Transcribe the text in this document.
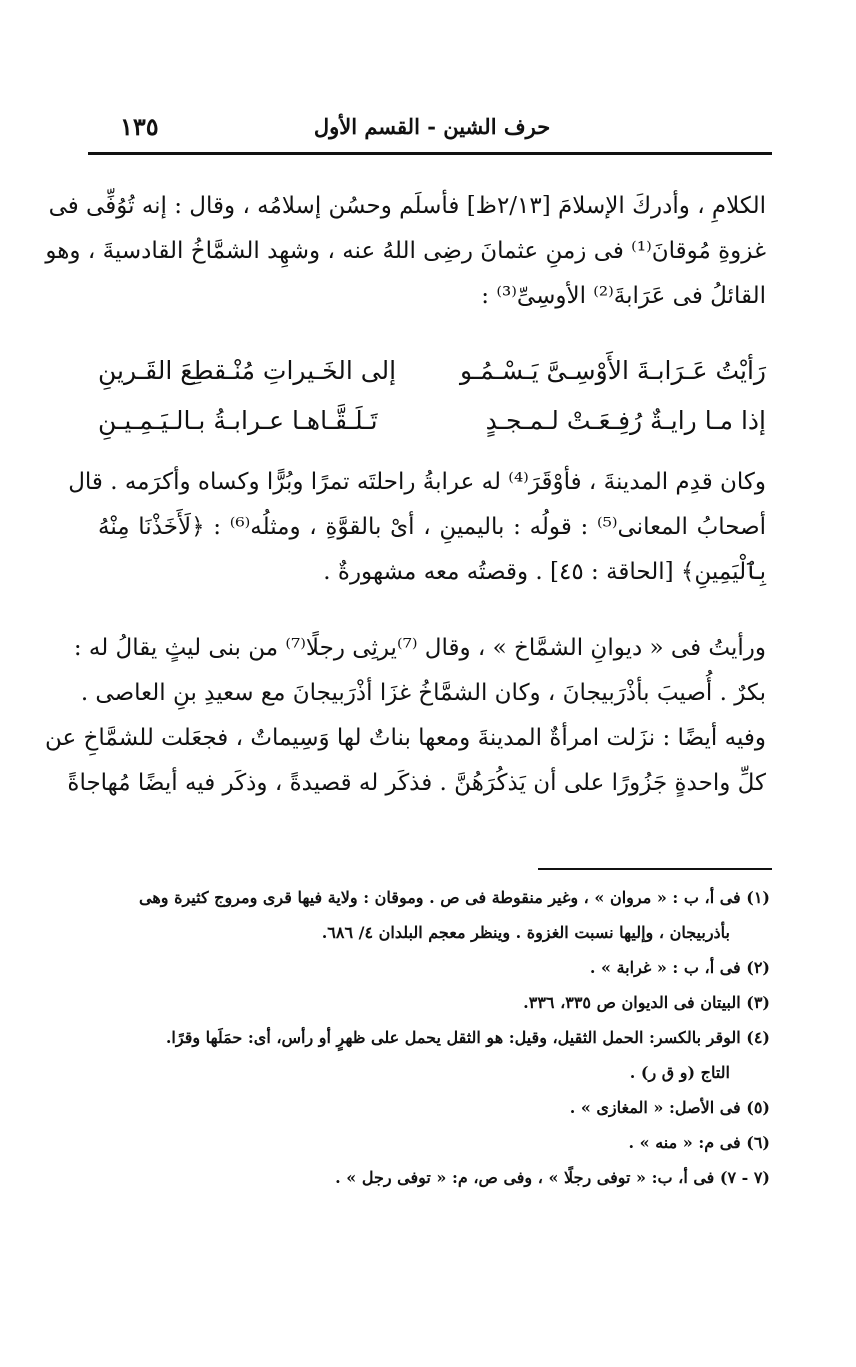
١٣٥	حرف الشين - القسم الأول
الكلامِ ، وأدركَ الإسلامَ [٢/١٣ظ] فأسلَم وحسُن إسلامُه ، وقال : إنه تُوُفِّى فى
غزوةِ مُوقانَ⁽¹⁾ فى زمنِ عثمانَ رضِى اللهُ عنه ، وشهِد الشمَّاخُ القادسيةَ ، وهو
القائلُ فى عَرَابةَ⁽²⁾ الأوسِىِّ⁽³⁾ :
رَأيْتُ عَـرَابـةَ الأَوْسِـىَّ يَـسْـمُـو
إلى الخَـيراتِ مُنْـقطِعَ القَـرينِ
إذا مـا رايـةٌ رُفِـعَـتْ لـمـجـدٍ
تَـلَـقَّـاهـا عـرابـةُ بـالـيَـمِـيـنِ
وكان قدِم المدينةَ ، فأوْقَرَ⁽⁴⁾ له عرابةُ راحلتَه تمرًا وبُرًّا وكساه وأكرَمه . قال
أصحابُ المعانى⁽⁵⁾ : قولُه : باليمينِ ، أىْ بالقوَّةِ ، ومثلُه⁽⁶⁾ : ﴿لَأَخَذْنَا مِنْهُ
بِٱلْيَمِينِ﴾ [الحاقة : ٤٥] . وقصتُه معه مشهورةٌ .
ورأيتُ فى « ديوانِ الشمَّاخ » ، وقال ⁽⁷⁾يرثِى رجلًا⁽⁷⁾ من بنى ليثٍ يقالُ له :
بكرٌ . أُصيبَ بأذْرَبيجانَ ، وكان الشمَّاخُ غزَا أذْرَبيجانَ مع سعيدِ بنِ العاصى .
وفيه أيضًا : نزَلت امرأةٌ المدينةَ ومعها بناتٌ لها وَسِيماتٌ ، فجعَلت للشمَّاخِ عن
كلِّ واحدةٍ جَزُورًا على أن يَذكُرَهُنَّ . فذكَر له قصيدةً ، وذكَر فيه أيضًا مُهاجاةً
(١) فى أ، ب : « مروان » ، وغير منقوطة فى ص . وموقان : ولاية فيها قرى ومروج كثيرة وهى
بأذربيجان ، وإليها نسبت الغزوة . وينظر معجم البلدان ٤/ ٦٨٦.
(٢) فى أ، ب : « غرابة » .
(٣) البيتان فى الديوان ص ٣٣٥، ٣٣٦.
(٤) الوقر بالكسر: الحمل الثقيل، وقيل: هو الثقل يحمل على ظهرٍ أو رأس، أى: حمَلَها وقرًا.
التاج (و ق ر) .
(٥) فى الأصل: « المغازى » .
(٦) فى م: « منه » .
(٧ - ٧) فى أ، ب: « توفى رجلًا » ، وفى ص، م: « توفى رجل » .
